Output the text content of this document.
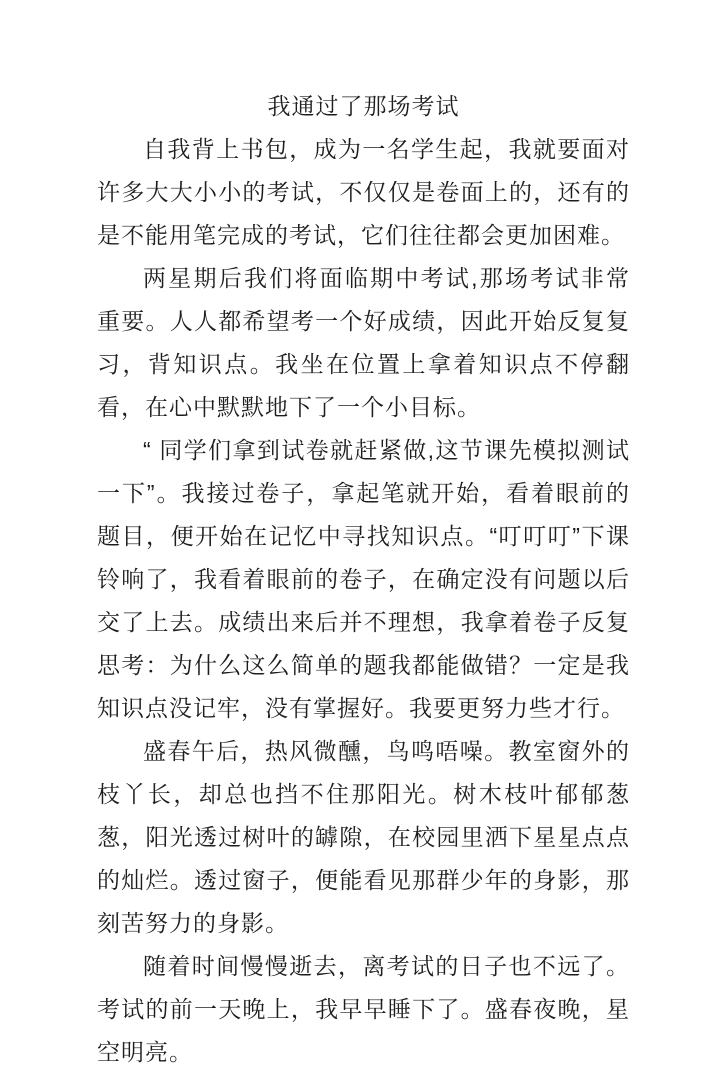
我通过了那场考试

自我背上书包，成为一名学生起，我就要面对许多大大小小的考试，不仅仅是卷面上的，还有的是不能用笔完成的考试，它们往往都会更加困难。

两星期后我们将面临期中考试,那场考试非常重要。人人都希望考一个好成绩，因此开始反复复习，背知识点。我坐在位置上拿着知识点不停翻看，在心中默默地下了一个小目标。

“ 同学们拿到试卷就赶紧做,这节课先模拟测试一下”。我接过卷子，拿起笔就开始，看着眼前的题目，便开始在记忆中寻找知识点。“叮叮叮”下课铃响了，我看着眼前的卷子，在确定没有问题以后交了上去。成绩出来后并不理想，我拿着卷子反复思考：为什么这么简单的题我都能做错？一定是我知识点没记牢，没有掌握好。我要更努力些才行。

盛春午后，热风微醺，鸟鸣唔噪。教室窗外的枝丫长，却总也挡不住那阳光。树木枝叶郁郁葱葱，阳光透过树叶的罅隙，在校园里洒下星星点点的灿烂。透过窗子，便能看见那群少年的身影，那刻苦努力的身影。

随着时间慢慢逝去，离考试的日子也不远了。考试的前一天晚上，我早早睡下了。盛春夜晚，星空明亮。
